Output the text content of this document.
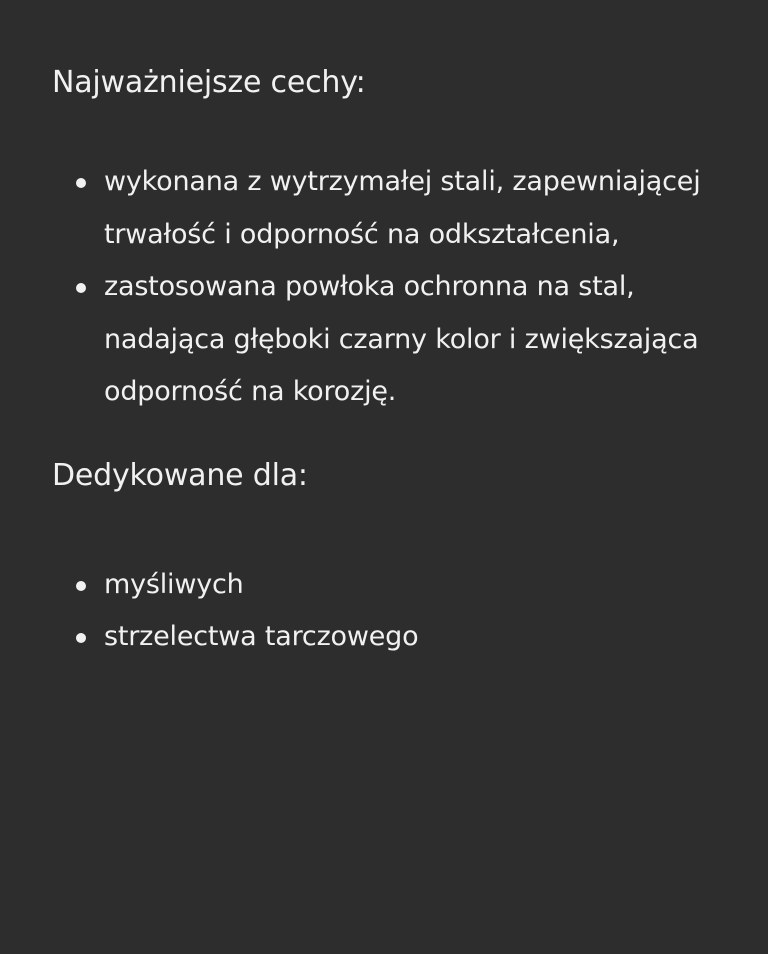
Najważniejsze cechy:
wykonana z wytrzymałej stali, zapewniającej trwałość i odporność na odkształcenia,
zastosowana powłoka ochronna na stal, nadająca głęboki czarny kolor i zwiększająca odporność na korozję.
Dedykowane dla:
myśliwych
strzelectwa tarczowego
